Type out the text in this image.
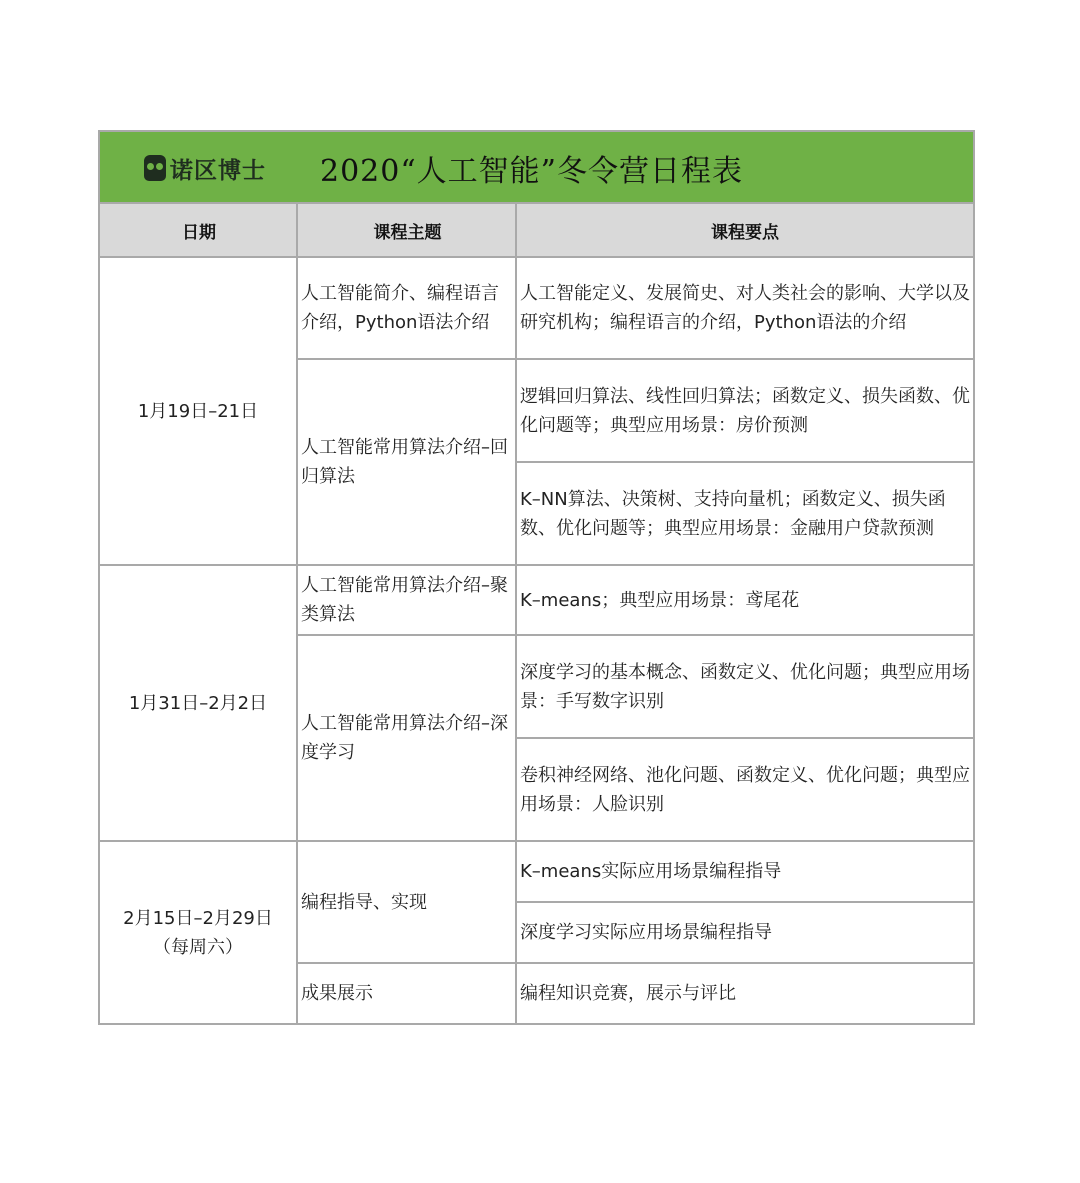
诺区博士 2020“人工智能”冬令营日程表
日期	课程主题	课程要点
1月19日–21日
1月31日–2月2日
2月15日–2月29日
（每周六）
人工智能简介、编程语言介绍，Python语法介绍
人工智能常用算法介绍–回归算法
人工智能常用算法介绍–聚类算法
人工智能常用算法介绍–深度学习
编程指导、实现
成果展示
人工智能定义、发展简史、对人类社会的影响、大学以及研究机构；编程语言的介绍，Python语法的介绍
逻辑回归算法、线性回归算法；函数定义、损失函数、优化问题等；典型应用场景：房价预测
K–NN算法、决策树、支持向量机；函数定义、损失函数、优化问题等；典型应用场景：金融用户贷款预测
K–means；典型应用场景：鸢尾花
深度学习的基本概念、函数定义、优化问题；典型应用场景：手写数字识别
卷积神经网络、池化问题、函数定义、优化问题；典型应用场景：人脸识别
K–means实际应用场景编程指导
深度学习实际应用场景编程指导
编程知识竞赛，展示与评比
